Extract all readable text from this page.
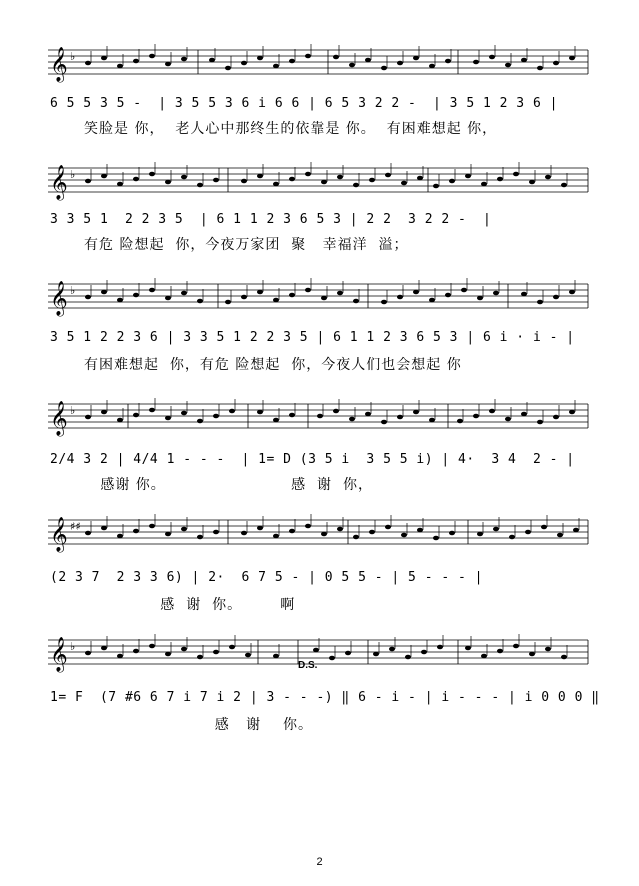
𝄞 ♭
6 5 5 3 5 -  | 3 5 5 3 6 i 6 6 | 6 5 3 2 2 -  | 3 5 1 2 3 6 |
笑脸是 你，  老人心中那终生的依靠是 你。  有困难想起 你，
𝄞 ♭
3 3 5 1  2 2 3 5  | 6 1 1 2 3 6 5 3 | 2 2  3 2 2 -  |
有危 险想起  你，今夜万家团  聚   幸福洋  溢；
𝄞 ♭
3 5 1 2 2 3 6 | 3 3 5 1 2 2 3 5 | 6 1 1 2 3 6 5 3 | 6 i · i - |
有困难想起  你，有危 险想起  你，今夜人们也会想起 你
𝄞 ♭
2/4 3 2 | 4/4 1 - - -  | 1= D (3 5 i  3 5 5 i) | 4·  3 4  2 - |
感谢 你。                       感  谢  你，
𝄞 ♯♯
(2 3 7  2 3 3 6) | 2·  6 7 5 - | 0 5 5 - | 5 - - - |
感  谢  你。       啊
𝄞 ♭
D.S.
1= F  (7 #6 6 7 i 7 i 2 | 3 - - -) ‖ 6 - i - | i - - - | i 0 0 0 ‖
感   谢    你。
2
